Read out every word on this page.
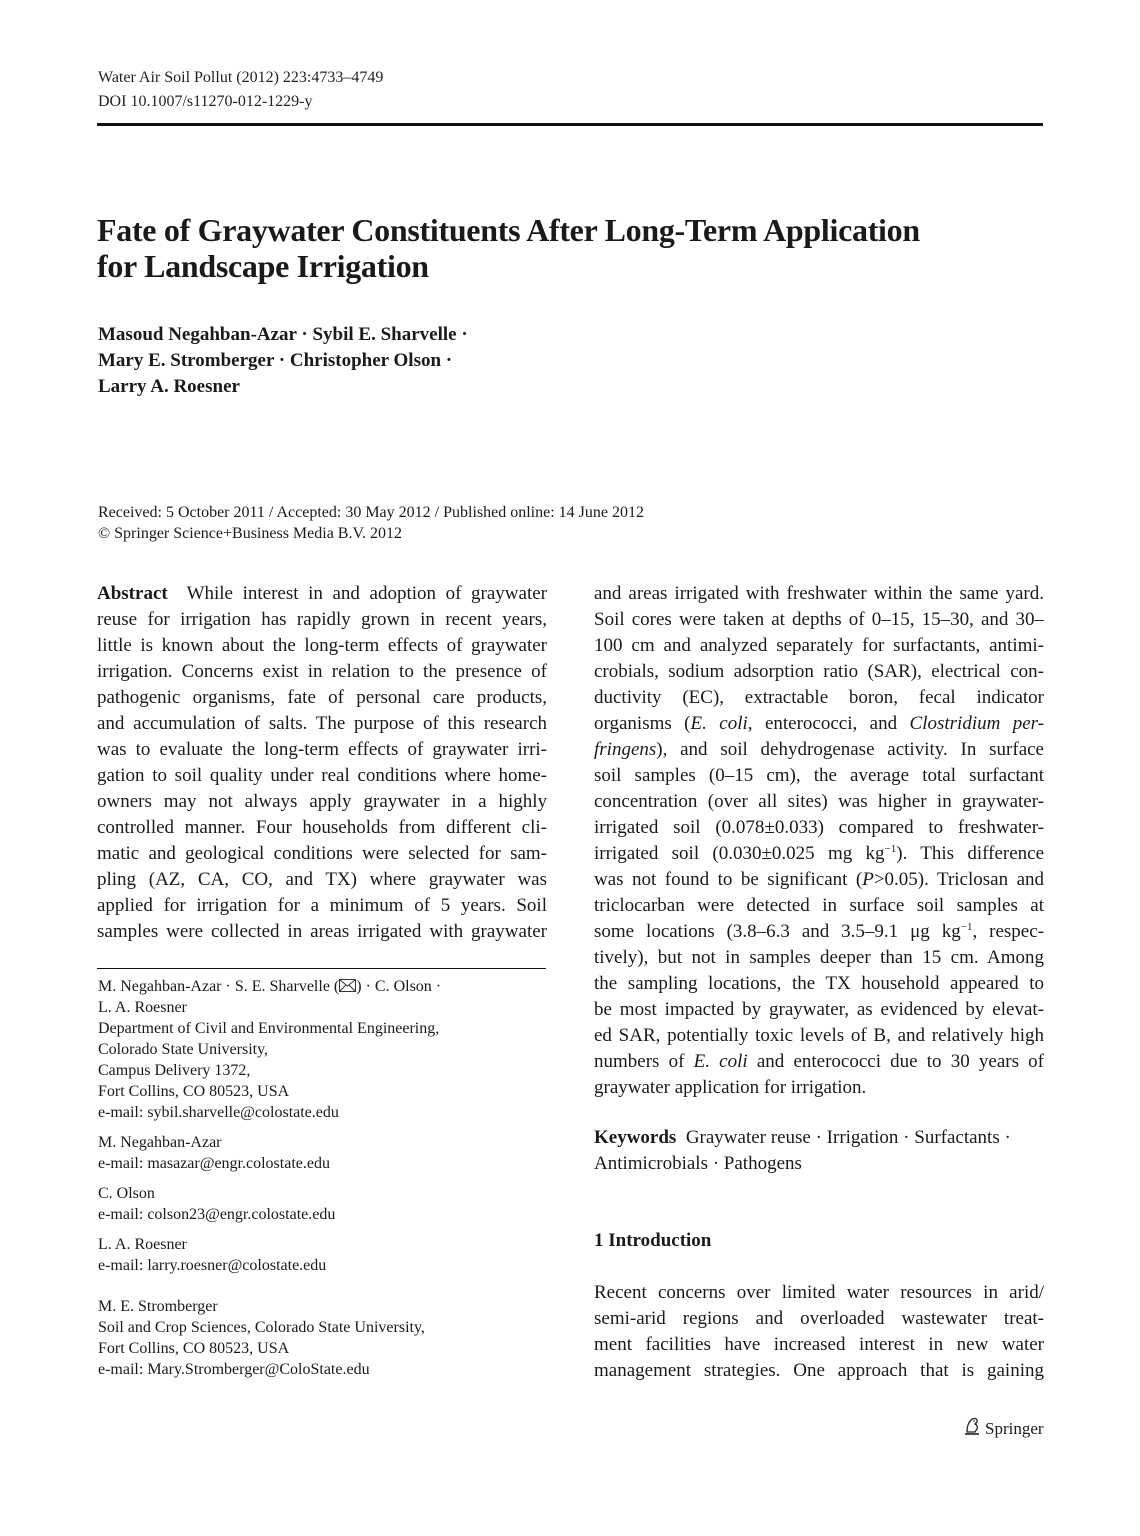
Water Air Soil Pollut (2012) 223:4733–4749
DOI 10.1007/s11270-012-1229-y
Fate of Graywater Constituents After Long-Term Application
for Landscape Irrigation
Masoud Negahban-Azar · Sybil E. Sharvelle ·
Mary E. Stromberger · Christopher Olson ·
Larry A. Roesner
Received: 5 October 2011 / Accepted: 30 May 2012 / Published online: 14 June 2012
© Springer Science+Business Media B.V. 2012
Abstract While interest in and adoption of graywater
reuse for irrigation has rapidly grown in recent years,
little is known about the long-term effects of graywater
irrigation. Concerns exist in relation to the presence of
pathogenic organisms, fate of personal care products,
and accumulation of salts. The purpose of this research
was to evaluate the long-term effects of graywater irri-
gation to soil quality under real conditions where home-
owners may not always apply graywater in a highly
controlled manner. Four households from different cli-
matic and geological conditions were selected for sam-
pling (AZ, CA, CO, and TX) where graywater was
applied for irrigation for a minimum of 5 years. Soil
samples were collected in areas irrigated with graywater
M. Negahban-Azar · S. E. Sharvelle ( ) · C. Olson ·
L. A. Roesner
Department of Civil and Environmental Engineering,
Colorado State University,
Campus Delivery 1372,
Fort Collins, CO 80523, USA
e-mail: sybil.sharvelle@colostate.edu
M. Negahban-Azar
e-mail: masazar@engr.colostate.edu
C. Olson
e-mail: colson23@engr.colostate.edu
L. A. Roesner
e-mail: larry.roesner@colostate.edu
M. E. Stromberger
Soil and Crop Sciences, Colorado State University,
Fort Collins, CO 80523, USA
e-mail: Mary.Stromberger@ColoState.edu
and areas irrigated with freshwater within the same yard.
Soil cores were taken at depths of 0–15, 15–30, and 30–
100 cm and analyzed separately for surfactants, antimi-
crobials, sodium adsorption ratio (SAR), electrical con-
ductivity (EC), extractable boron, fecal indicator
organisms (E. coli, enterococci, and Clostridium per-
fringens), and soil dehydrogenase activity. In surface
soil samples (0–15 cm), the average total surfactant
concentration (over all sites) was higher in graywater-
irrigated soil (0.078±0.033) compared to freshwater-
irrigated soil (0.030±0.025 mg $kg^{-1}$). This difference
was not found to be significant (P>0.05). Triclosan and
triclocarban were detected in surface soil samples at
some locations (3.8–6.3 and 3.5–9.1 μg $kg^{-1}$, respec-
tively), but not in samples deeper than 15 cm. Among
the sampling locations, the TX household appeared to
be most impacted by graywater, as evidenced by elevat-
ed SAR, potentially toxic levels of B, and relatively high
numbers of E. coli and enterococci due to 30 years of
graywater application for irrigation.
Keywords Graywater reuse · Irrigation · Surfactants ·
Antimicrobials · Pathogens
1 Introduction
Recent concerns over limited water resources in arid/
semi-arid regions and overloaded wastewater treat-
ment facilities have increased interest in new water
management strategies. One approach that is gaining
Springer
